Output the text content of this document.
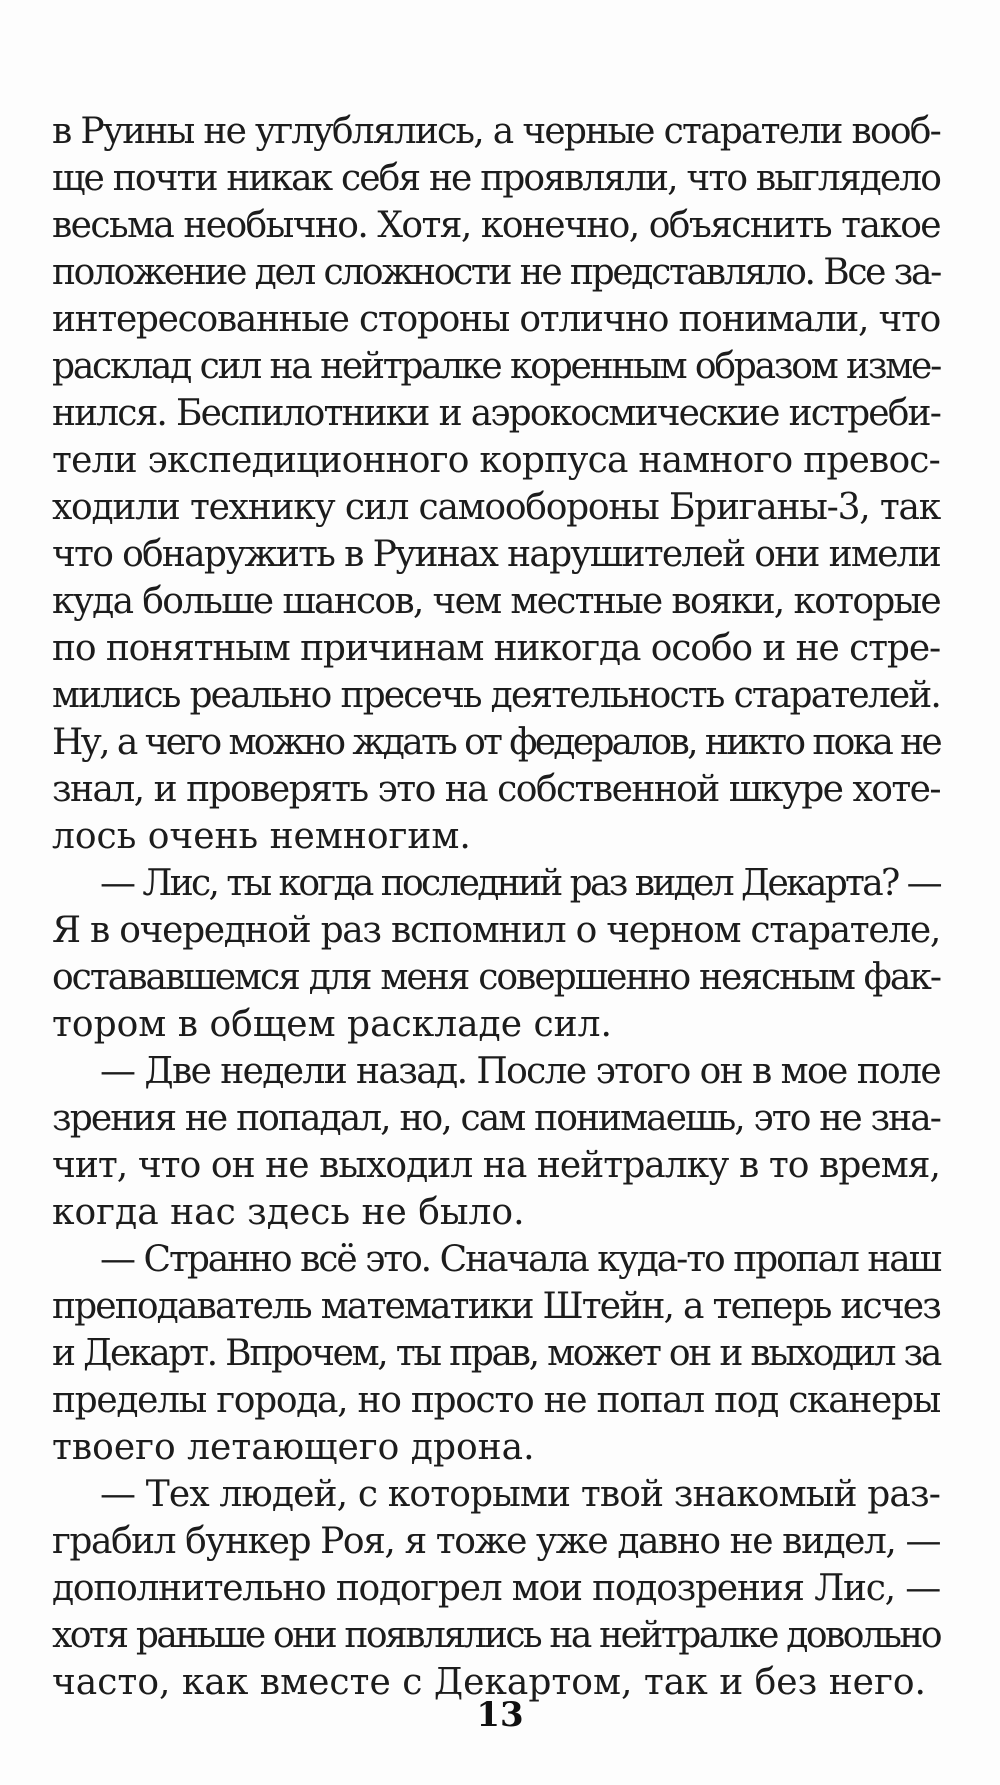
в Руины не углублялись, а черные старатели вооб-
ще почти никак себя не проявляли, что выглядело
весьма необычно. Хотя, конечно, объяснить такое
положение дел сложности не представляло. Все за-
интересованные стороны отлично понимали, что
расклад сил на нейтралке коренным образом изме-
нился. Беспилотники и аэрокосмические истреби-
тели экспедиционного корпуса намного превос-
ходили технику сил самообороны Бриганы-3, так
что обнаружить в Руинах нарушителей они имели
куда больше шансов, чем местные вояки, которые
по понятным причинам никогда особо и не стре-
мились реально пресечь деятельность старателей.
Ну, а чего можно ждать от федералов, никто пока не
знал, и проверять это на собственной шкуре хоте-
лось очень немногим.
— Лис, ты когда последний раз видел Декарта? —
Я в очередной раз вспомнил о черном старателе,
остававшемся для меня совершенно неясным фак-
тором в общем раскладе сил.
— Две недели назад. После этого он в мое поле
зрения не попадал, но, сам понимаешь, это не зна-
чит, что он не выходил на нейтралку в то время,
когда нас здесь не было.
— Странно всё это. Сначала куда-то пропал наш
преподаватель математики Штейн, а теперь исчез
и Декарт. Впрочем, ты прав, может он и выходил за
пределы города, но просто не попал под сканеры
твоего летающего дрона.
— Тех людей, с которыми твой знакомый раз-
грабил бункер Роя, я тоже уже давно не видел, —
дополнительно подогрел мои подозрения Лис, —
хотя раньше они появлялись на нейтралке довольно
часто, как вместе с Декартом, так и без него.
13
